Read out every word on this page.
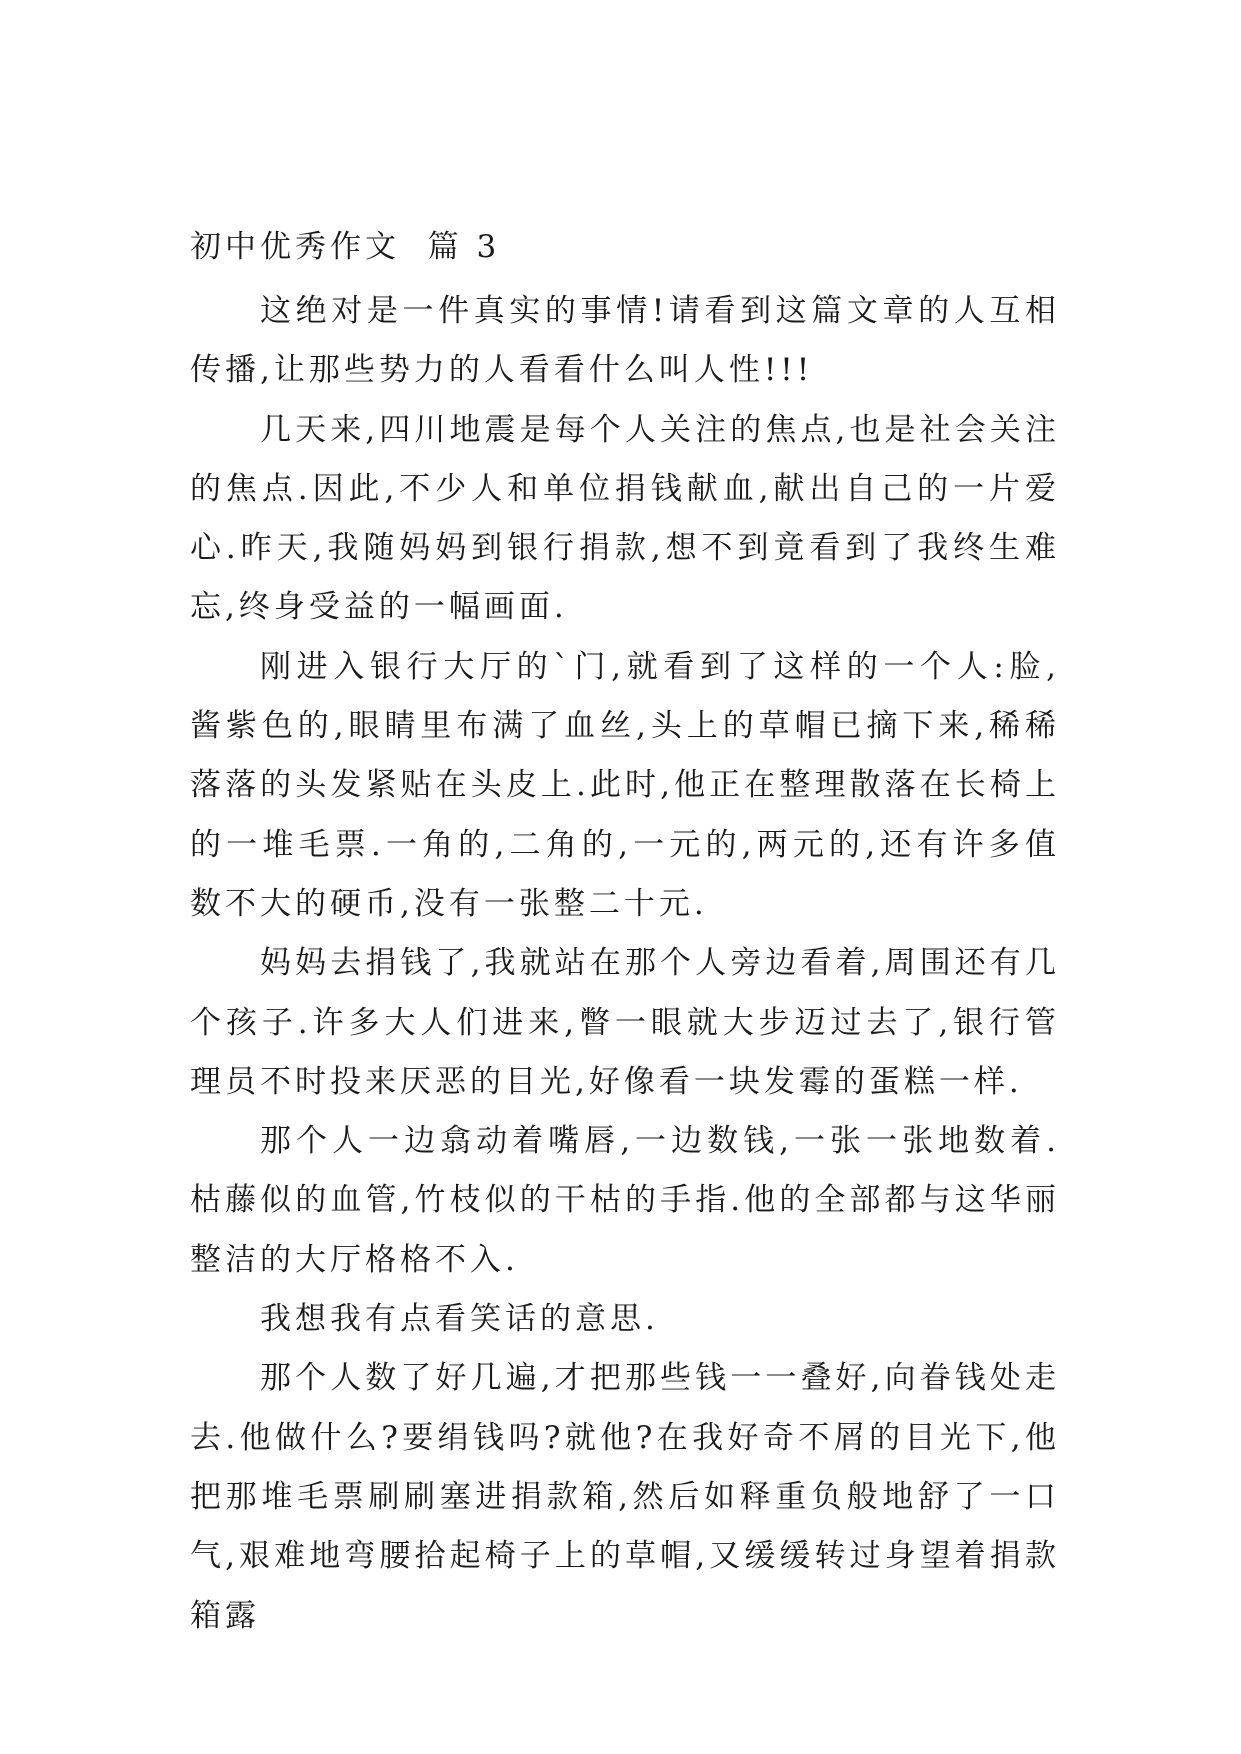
初中优秀作文  篇 3

这绝对是一件真实的事情!请看到这篇文章的人互相传播,让那些势力的人看看什么叫人性!!!

几天来,四川地震是每个人关注的焦点,也是社会关注的焦点.因此,不少人和单位捐钱献血,献出自己的一片爱心.昨天,我随妈妈到银行捐款,想不到竟看到了我终生难忘,终身受益的一幅画面.

刚进入银行大厅的`门,就看到了这样的一个人:脸, 酱紫色的,眼睛里布满了血丝,头上的草帽已摘下来,稀稀落落的头发紧贴在头皮上.此时,他正在整理散落在长椅上的一堆毛票.一角的,二角的,一元的,两元的,还有许多值数不大的硬币,没有一张整二十元.

妈妈去捐钱了,我就站在那个人旁边看着,周围还有几个孩子.许多大人们进来,瞥一眼就大步迈过去了,银行管理员不时投来厌恶的目光,好像看一块发霉的蛋糕一样.

那个人一边翕动着嘴唇,一边数钱,一张一张地数着.枯藤似的血管,竹枝似的干枯的手指.他的全部都与这华丽整洁的大厅格格不入.

我想我有点看笑话的意思.

那个人数了好几遍,才把那些钱一一叠好,向眷钱处走去.他做什么?要绢钱吗?就他?在我好奇不屑的目光下,他把那堆毛票刷刷塞进捐款箱,然后如释重负般地舒了一口气,艰难地弯腰拾起椅子上的草帽,又缓缓转过身望着捐款箱露
